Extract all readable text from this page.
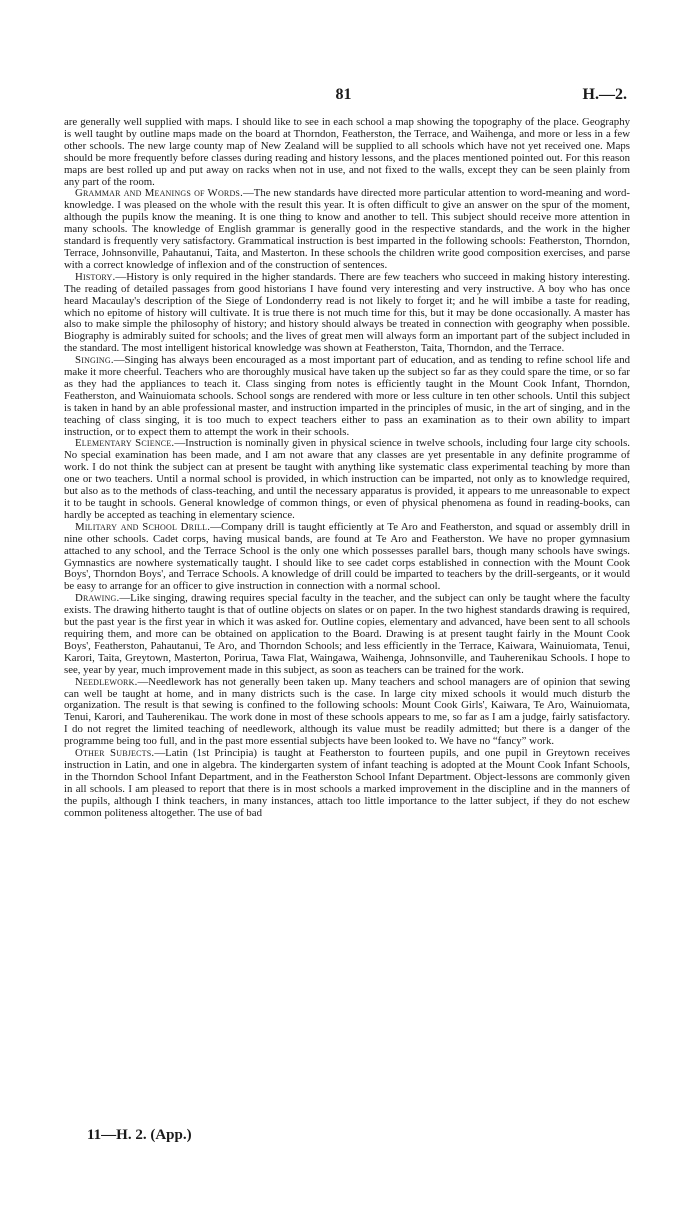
81	H.—2.

are generally well supplied with maps. I should like to see in each school a map showing the topography of the place. Geography is well taught by outline maps made on the board at Thorndon, Featherston, the Terrace, and Waihenga, and more or less in a few other schools. The new large county map of New Zealand will be supplied to all schools which have not yet received one. Maps should be more frequently before classes during reading and history lessons, and the places mentioned pointed out. For this reason maps are best rolled up and put away on racks when not in use, and not fixed to the walls, except they can be seen plainly from any part of the room.

Grammar and Meanings of Words.—The new standards have directed more particular attention to word-meaning and word-knowledge. I was pleased on the whole with the result this year. It is often difficult to give an answer on the spur of the moment, although the pupils know the meaning. It is one thing to know and another to tell. This subject should receive more attention in many schools. The knowledge of English grammar is generally good in the respective standards, and the work in the higher standard is frequently very satisfactory. Grammatical instruction is best imparted in the following schools: Featherston, Thorndon, Terrace, Johnsonville, Pahautanui, Taita, and Masterton. In these schools the children write good composition exercises, and parse with a correct knowledge of inflexion and of the construction of sentences.

History.—History is only required in the higher standards. There are few teachers who succeed in making history interesting. The reading of detailed passages from good historians I have found very interesting and very instructive. A boy who has once heard Macaulay's description of the Siege of Londonderry read is not likely to forget it; and he will imbibe a taste for reading, which no epitome of history will cultivate. It is true there is not much time for this, but it may be done occasionally. A master has also to make simple the philosophy of history; and history should always be treated in connection with geography when possible. Biography is admirably suited for schools; and the lives of great men will always form an important part of the subject included in the standard. The most intelligent historical knowledge was shown at Featherston, Taita, Thorndon, and the Terrace.

Singing.—Singing has always been encouraged as a most important part of education, and as tending to refine school life and make it more cheerful. Teachers who are thoroughly musical have taken up the subject so far as they could spare the time, or so far as they had the appliances to teach it. Class singing from notes is efficiently taught in the Mount Cook Infant, Thorndon, Featherston, and Wainuiomata schools. School songs are rendered with more or less culture in ten other schools. Until this subject is taken in hand by an able professional master, and instruction imparted in the principles of music, in the art of singing, and in the teaching of class singing, it is too much to expect teachers either to pass an examination as to their own ability to impart instruction, or to expect them to attempt the work in their schools.

Elementary Science.—Instruction is nominally given in physical science in twelve schools, including four large city schools. No special examination has been made, and I am not aware that any classes are yet presentable in any definite programme of work. I do not think the subject can at present be taught with anything like systematic class experimental teaching by more than one or two teachers. Until a normal school is provided, in which instruction can be imparted, not only as to knowledge required, but also as to the methods of class-teaching, and until the necessary apparatus is provided, it appears to me unreasonable to expect it to be taught in schools. General knowledge of common things, or even of physical phenomena as found in reading-books, can hardly be accepted as teaching in elementary science.

Military and School Drill.—Company drill is taught efficiently at Te Aro and Featherston, and squad or assembly drill in nine other schools. Cadet corps, having musical bands, are found at Te Aro and Featherston. We have no proper gymnasium attached to any school, and the Terrace School is the only one which possesses parallel bars, though many schools have swings. Gymnastics are nowhere systematically taught. I should like to see cadet corps established in connection with the Mount Cook Boys', Thorndon Boys', and Terrace Schools. A knowledge of drill could be imparted to teachers by the drill-sergeants, or it would be easy to arrange for an officer to give instruction in connection with a normal school.

Drawing.—Like singing, drawing requires special faculty in the teacher, and the subject can only be taught where the faculty exists. The drawing hitherto taught is that of outline objects on slates or on paper. In the two highest standards drawing is required, but the past year is the first year in which it was asked for. Outline copies, elementary and advanced, have been sent to all schools requiring them, and more can be obtained on application to the Board. Drawing is at present taught fairly in the Mount Cook Boys', Featherston, Pahautanui, Te Aro, and Thorndon Schools; and less efficiently in the Terrace, Kaiwara, Wainuiomata, Tenui, Karori, Taita, Greytown, Masterton, Porirua, Tawa Flat, Waingawa, Waihenga, Johnsonville, and Tauherenikau Schools. I hope to see, year by year, much improvement made in this subject, as soon as teachers can be trained for the work.

Needlework.—Needlework has not generally been taken up. Many teachers and school managers are of opinion that sewing can well be taught at home, and in many districts such is the case. In large city mixed schools it would much disturb the organization. The result is that sewing is confined to the following schools: Mount Cook Girls', Kaiwara, Te Aro, Wainuiomata, Tenui, Karori, and Tauherenikau. The work done in most of these schools appears to me, so far as I am a judge, fairly satisfactory. I do not regret the limited teaching of needlework, although its value must be readily admitted; but there is a danger of the programme being too full, and in the past more essential subjects have been looked to. We have no “fancy” work.

Other Subjects.—Latin (1st Principia) is taught at Featherston to fourteen pupils, and one pupil in Greytown receives instruction in Latin, and one in algebra. The kindergarten system of infant teaching is adopted at the Mount Cook Infant Schools, in the Thorndon School Infant Department, and in the Featherston School Infant Department. Object-lessons are commonly given in all schools. I am pleased to report that there is in most schools a marked improvement in the discipline and in the manners of the pupils, although I think teachers, in many instances, attach too little importance to the latter subject, if they do not eschew common politeness altogether. The use of bad

11—H. 2. (App.)
